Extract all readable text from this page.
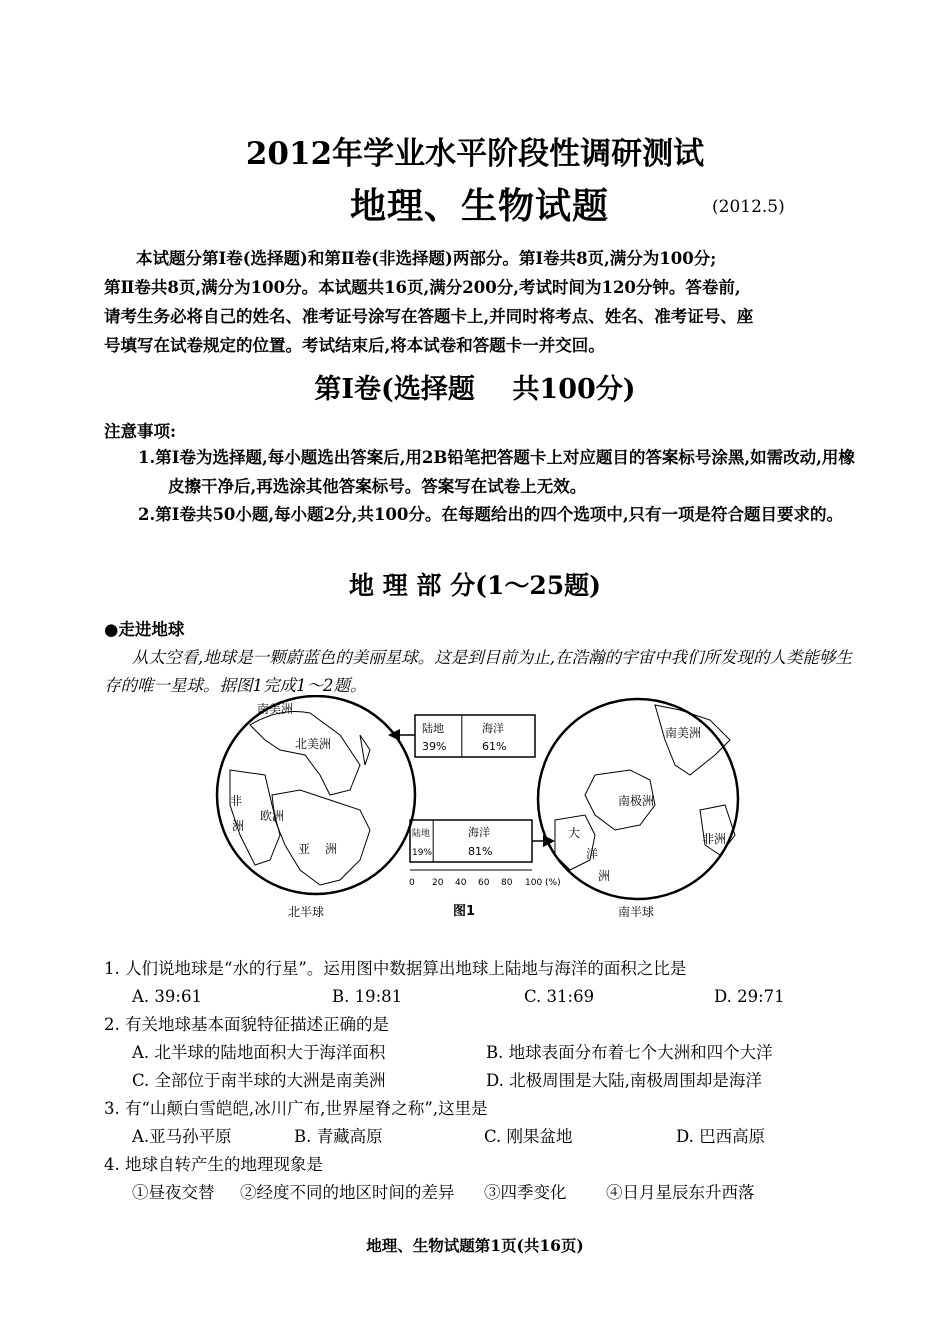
2012年学业水平阶段性调研测试
地理、生物试题	(2012.5)

本试题分第Ⅰ卷(选择题)和第Ⅱ卷(非选择题)两部分。第Ⅰ卷共8页,满分为100分;

第Ⅱ卷共8页,满分为100分。本试题共16页,满分200分,考试时间为120分钟。答卷前,

请考生务必将自己的姓名、准考证号涂写在答题卡上,并同时将考点、姓名、准考证号、座

号填写在试卷规定的位置。考试结束后,将本试卷和答题卡一并交回。

第Ⅰ卷(选择题    共100分)
注意事项:

1.第Ⅰ卷为选择题,每小题选出答案后,用2B铅笔把答题卡上对应题目的答案标号涂黑,如需改动,用橡皮擦干净后,再选涂其他答案标号。答案写在试卷上无效。

2.第Ⅰ卷共50小题,每小题2分,共100分。在每题给出的四个选项中,只有一项是符合题目要求的。

地 理 部 分(1～25题)
●走进地球

从太空看,地球是一颗蔚蓝色的美丽星球。这是到目前为止,在浩瀚的宇宙中我们所发现的人类能够生存的唯一星球。据图1完成1～2题。

南美洲
北美洲
非
洲
欧洲
亚 洲
北半球
南美洲
南极洲
大
洋
洲
非洲
南半球
陆地
39%
海洋
61%
陆地
19%
海洋
81%
0 20 40 60 80 100 (%)
图1

1. 人们说地球是“水的行星”。运用图中数据算出地球上陆地与海洋的面积之比是

A. 39:61	B. 19:81	C. 31:69	D. 29:71

2. 有关地球基本面貌特征描述正确的是

A. 北半球的陆地面积大于海洋面积	B. 地球表面分布着七个大洲和四个大洋
C. 全部位于南半球的大洲是南美洲	D. 北极周围是大陆,南极周围却是海洋

3. 有“山颠白雪皑皑,冰川广布,世界屋脊之称”,这里是

A.亚马孙平原	B. 青藏高原	C. 刚果盆地	D. 巴西高原

4. 地球自转产生的地理现象是

①昼夜交替	②经度不同的地区时间的差异	③四季变化	④日月星辰东升西落
地理、生物试题第1页(共16页)
